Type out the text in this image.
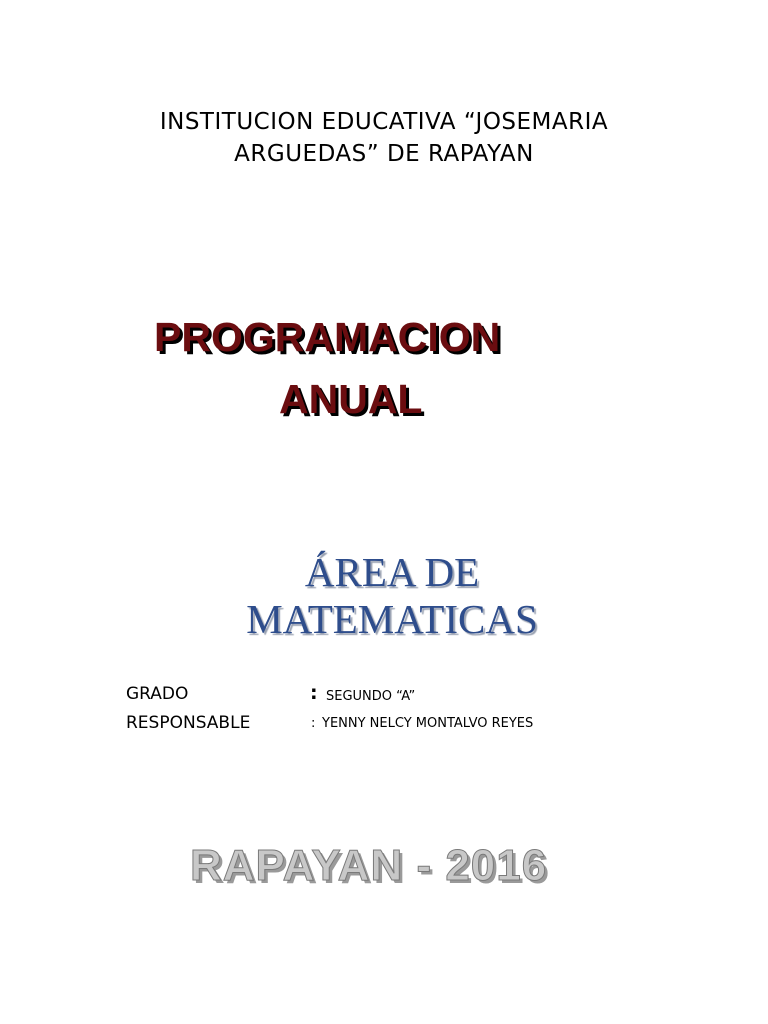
INSTITUCION EDUCATIVA “JOSEMARIA
ARGUEDAS” DE RAPAYAN
PROGRAMACION
ANUAL
ÁREA DE
MATEMATICAS
GRADO	: SEGUNDO “A”
RESPONSABLE	: YENNY NELCY MONTALVO REYES
RAPAYAN - 2016
